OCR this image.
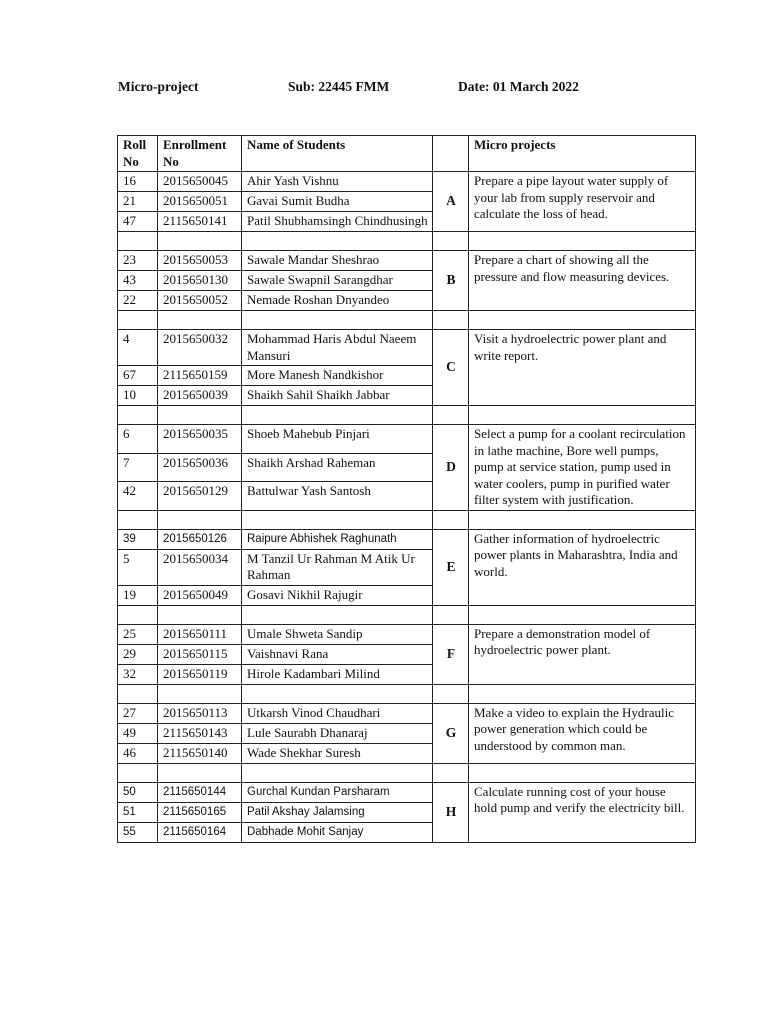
Micro-project	Sub: 22445 FMM	Date: 01 March 2022
Roll No	Enrollment No	Name of Students		Micro projects
16	2015650045	Ahir Yash Vishnu	A	Prepare a pipe layout water supply of your lab from supply reservoir and calculate the loss of head.
21	2015650051	Gavai Sumit Budha		
47	2115650141	Patil Shubhamsingh Chindhusingh		

23	2015650053	Sawale Mandar Sheshrao	B	Prepare a chart of showing all the pressure and flow measuring devices.
43	2015650130	Sawale Swapnil Sarangdhar		
22	2015650052	Nemade Roshan Dnyandeo		

4	2015650032	Mohammad Haris Abdul Naeem Mansuri	C	Visit a hydroelectric power plant and write report.
67	2115650159	More Manesh Nandkishor		
10	2015650039	Shaikh Sahil Shaikh Jabbar		

6	2015650035	Shoeb Mahebub Pinjari	D	Select a pump for a coolant recirculation in lathe machine, Bore well pumps, pump at service station, pump used in water coolers, pump in purified water filter system with justification.
7	2015650036	Shaikh Arshad Raheman		
42	2015650129	Battulwar Yash Santosh		

39	2015650126	Raipure Abhishek Raghunath	E	Gather information of hydroelectric power plants in Maharashtra, India and world.
5	2015650034	M Tanzil Ur Rahman M Atik Ur Rahman		
19	2015650049	Gosavi Nikhil Rajugir		

25	2015650111	Umale Shweta Sandip	F	Prepare a demonstration model of hydroelectric power plant.
29	2015650115	Vaishnavi Rana		
32	2015650119	Hirole Kadambari Milind		

27	2015650113	Utkarsh Vinod Chaudhari	G	Make a video to explain the Hydraulic power generation which could be understood by common man.
49	2115650143	Lule Saurabh Dhanaraj		
46	2115650140	Wade Shekhar Suresh		

50	2115650144	Gurchal Kundan Parsharam	H	Calculate running cost of your house hold pump and verify the electricity bill.
51	2115650165	Patil Akshay Jalamsing		
55	2115650164	Dabhade Mohit Sanjay		
